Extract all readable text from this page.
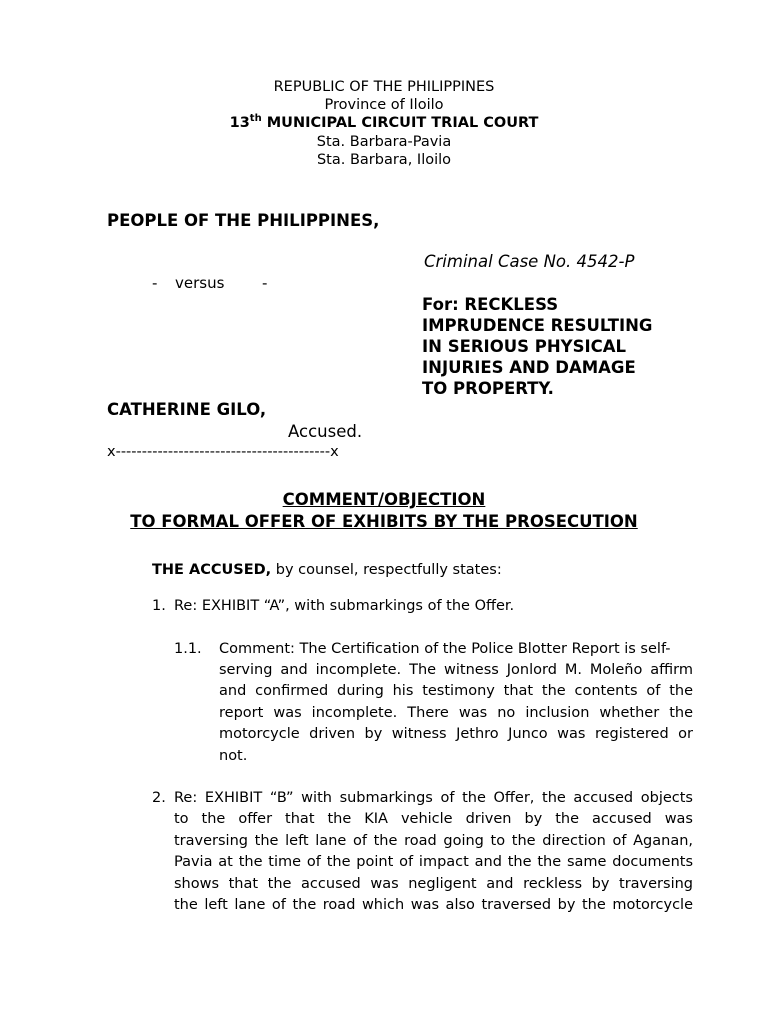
REPUBLIC OF THE PHILIPPINES

Province of Iloilo

13th MUNICIPAL CIRCUIT TRIAL COURT

Sta. Barbara-Pavia

Sta. Barbara, Iloilo

PEOPLE OF THE PHILIPPINES,

Criminal Case No. 4542-P

- versus	-

For: RECKLESS

IMPRUDENCE RESULTING

IN SERIOUS PHYSICAL

INJURIES AND DAMAGE

TO PROPERTY.

CATHERINE GILO,

Accused.

x-----------------------------------------x

COMMENT/OBJECTION

TO FORMAL OFFER OF EXHIBITS BY THE PROSECUTION

THE ACCUSED, by counsel, respectfully states:

1. Re: EXHIBIT “A”, with submarkings of the Offer.

1.1. Comment: The Certification of the Police Blotter Report is self-

serving and incomplete. The witness Jonlord M. Moleño affirm
and confirmed during his testimony that the contents of the
report was incomplete. There was no inclusion whether the
motorcycle driven by witness Jethro Junco was registered or
not.

2. Re: EXHIBIT “B” with submarkings of the Offer, the accused objects
to the offer that the KIA vehicle driven by the accused was
traversing the left lane of the road going to the direction of Aganan,
Pavia at the time of the point of impact and the the same documents
shows that the accused was negligent and reckless by traversing
the left lane of the road which was also traversed by the motorcycle
